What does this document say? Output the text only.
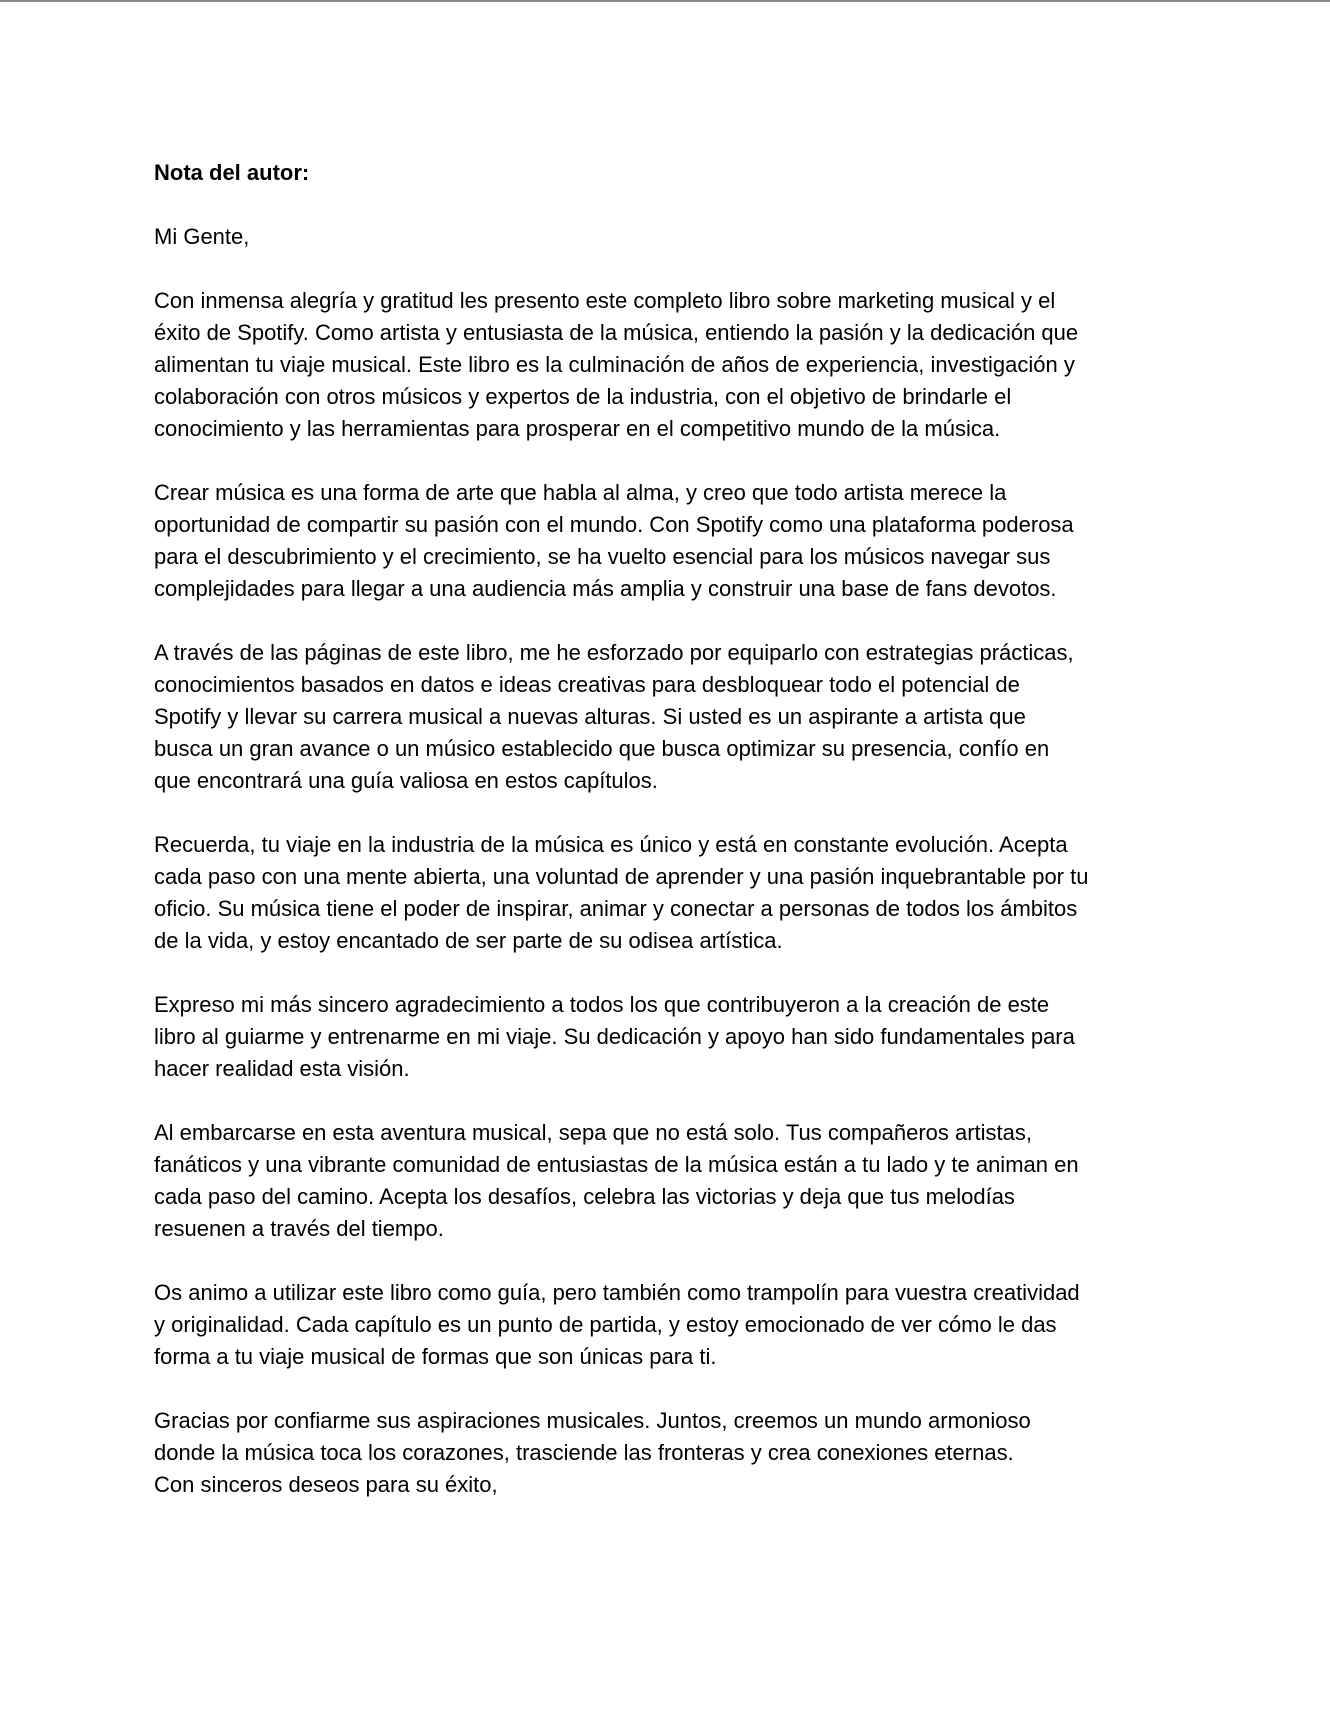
Nota del autor:
Mi Gente,
Con inmensa alegría y gratitud les presento este completo libro sobre marketing musical y el
éxito de Spotify. Como artista y entusiasta de la música, entiendo la pasión y la dedicación que
alimentan tu viaje musical. Este libro es la culminación de años de experiencia, investigación y
colaboración con otros músicos y expertos de la industria, con el objetivo de brindarle el
conocimiento y las herramientas para prosperar en el competitivo mundo de la música.
Crear música es una forma de arte que habla al alma, y creo que todo artista merece la
oportunidad de compartir su pasión con el mundo. Con Spotify como una plataforma poderosa
para el descubrimiento y el crecimiento, se ha vuelto esencial para los músicos navegar sus
complejidades para llegar a una audiencia más amplia y construir una base de fans devotos.
A través de las páginas de este libro, me he esforzado por equiparlo con estrategias prácticas,
conocimientos basados en datos e ideas creativas para desbloquear todo el potencial de
Spotify y llevar su carrera musical a nuevas alturas. Si usted es un aspirante a artista que
busca un gran avance o un músico establecido que busca optimizar su presencia, confío en
que encontrará una guía valiosa en estos capítulos.
Recuerda, tu viaje en la industria de la música es único y está en constante evolución. Acepta
cada paso con una mente abierta, una voluntad de aprender y una pasión inquebrantable por tu
oficio. Su música tiene el poder de inspirar, animar y conectar a personas de todos los ámbitos
de la vida, y estoy encantado de ser parte de su odisea artística.
Expreso mi más sincero agradecimiento a todos los que contribuyeron a la creación de este
libro al guiarme y entrenarme en mi viaje. Su dedicación y apoyo han sido fundamentales para
hacer realidad esta visión.
Al embarcarse en esta aventura musical, sepa que no está solo. Tus compañeros artistas,
fanáticos y una vibrante comunidad de entusiastas de la música están a tu lado y te animan en
cada paso del camino. Acepta los desafíos, celebra las victorias y deja que tus melodías
resuenen a través del tiempo.
Os animo a utilizar este libro como guía, pero también como trampolín para vuestra creatividad
y originalidad. Cada capítulo es un punto de partida, y estoy emocionado de ver cómo le das
forma a tu viaje musical de formas que son únicas para ti.
Gracias por confiarme sus aspiraciones musicales. Juntos, creemos un mundo armonioso
donde la música toca los corazones, trasciende las fronteras y crea conexiones eternas.
Con sinceros deseos para su éxito,
